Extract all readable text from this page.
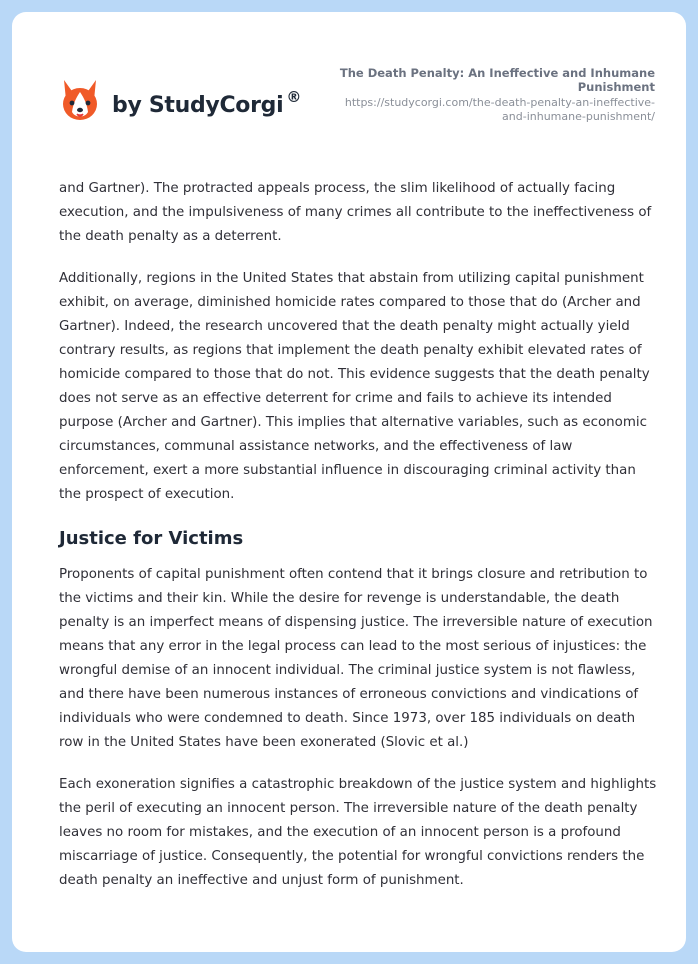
by StudyCorgi ®
The Death Penalty: An Ineffective and Inhumane Punishment
https://studycorgi.com/the-death-penalty-an-ineffective-and-inhumane-punishment/

and Gartner). The protracted appeals process, the slim likelihood of actually facing execution, and the impulsiveness of many crimes all contribute to the ineffectiveness of the death penalty as a deterrent.

Additionally, regions in the United States that abstain from utilizing capital punishment exhibit, on average, diminished homicide rates compared to those that do (Archer and Gartner). Indeed, the research uncovered that the death penalty might actually yield contrary results, as regions that implement the death penalty exhibit elevated rates of homicide compared to those that do not. This evidence suggests that the death penalty does not serve as an effective deterrent for crime and fails to achieve its intended purpose (Archer and Gartner). This implies that alternative variables, such as economic circumstances, communal assistance networks, and the effectiveness of law enforcement, exert a more substantial influence in discouraging criminal activity than the prospect of execution.

Justice for Victims

Proponents of capital punishment often contend that it brings closure and retribution to the victims and their kin. While the desire for revenge is understandable, the death penalty is an imperfect means of dispensing justice. The irreversible nature of execution means that any error in the legal process can lead to the most serious of injustices: the wrongful demise of an innocent individual. The criminal justice system is not flawless, and there have been numerous instances of erroneous convictions and vindications of individuals who were condemned to death. Since 1973, over 185 individuals on death row in the United States have been exonerated (Slovic et al.)

Each exoneration signifies a catastrophic breakdown of the justice system and highlights the peril of executing an innocent person. The irreversible nature of the death penalty leaves no room for mistakes, and the execution of an innocent person is a profound miscarriage of justice. Consequently, the potential for wrongful convictions renders the death penalty an ineffective and unjust form of punishment.
